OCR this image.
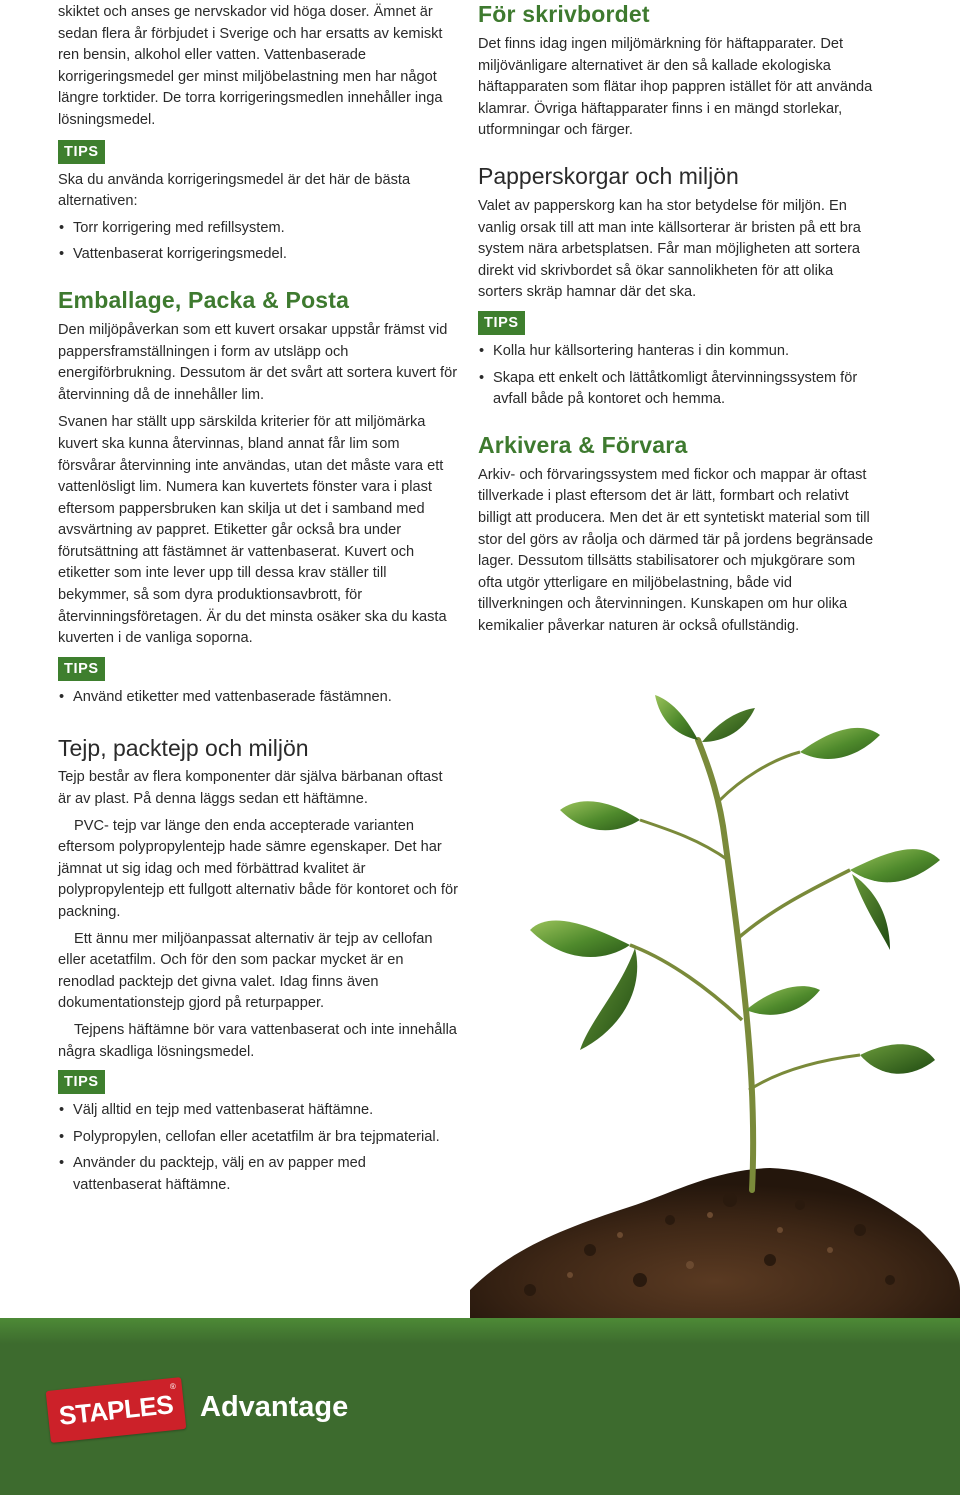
skiktet och anses ge nervskador vid höga doser. Ämnet är sedan flera år förbjudet i Sverige och har ersatts av kemiskt ren bensin, alkohol eller vatten. Vattenbaserade korrigeringsmedel ger minst miljöbelastning men har något längre torktider. De torra korrigeringsmedlen innehåller inga lösningsmedel.

TIPS

Ska du använda korrigeringsmedel är det här de bästa alternativen:

• Torr korrigering med refillsystem.
• Vattenbaserat korrigeringsmedel.
Emballage, Packa & Posta

Den miljöpåverkan som ett kuvert orsakar uppstår främst vid pappersframställningen i form av utsläpp och energiförbrukning. Dessutom är det svårt att sortera kuvert för återvinning då de innehåller lim.

Svanen har ställt upp särskilda kriterier för att miljömärka kuvert ska kunna återvinnas, bland annat får lim som försvårar återvinning inte användas, utan det måste vara ett vattenlösligt lim. Numera kan kuvertets fönster vara i plast eftersom pappersbruken kan skilja ut det i samband med avsvärtning av pappret. Etiketter går också bra under förutsättning att fästämnet är vattenbaserat. Kuvert och etiketter som inte lever upp till dessa krav ställer till bekymmer, så som dyra produktionsavbrott, för återvinningsföretagen. Är du det minsta osäker ska du kasta kuverten i de vanliga soporna.

TIPS
• Använd etiketter med vattenbaserade fästämnen.
Tejp, packtejp och miljön

Tejp består av flera komponenter där själva bärbanan oftast är av plast. På denna läggs sedan ett häftämne.

PVC- tejp var länge den enda accepterade varianten eftersom polypropylentejp hade sämre egenskaper. Det har jämnat ut sig idag och med förbättrad kvalitet är polypropylentejp ett fullgott alternativ både för kontoret och för packning.

Ett ännu mer miljöanpassat alternativ är tejp av cellofan eller acetatfilm. Och för den som packar mycket är en renodlad packtejp det givna valet. Idag finns även dokumentationstejp gjord på returpapper.

Tejpens häftämne bör vara vattenbaserat och inte innehålla några skadliga lösningsmedel.

TIPS
• Välj alltid en tejp med vattenbaserat häftämne.
• Polypropylen, cellofan eller acetatfilm är bra tejpmaterial.
• Använder du packtejp, välj en av papper med vattenbaserat häftämne.
För skrivbordet

Det finns idag ingen miljömärkning för häftapparater. Det miljövänligare alternativet är den så kallade ekologiska häftapparaten som flätar ihop pappren istället för att använda klamrar. Övriga häftapparater finns i en mängd storlekar, utformningar och färger.

Papperskorgar och miljön

Valet av papperskorg kan ha stor betydelse för miljön. En vanlig orsak till att man inte källsorterar är bristen på ett bra system nära arbetsplatsen. Får man möjligheten att sortera direkt vid skrivbordet så ökar sannolikheten för att olika sorters skräp hamnar där det ska.

TIPS
• Kolla hur källsortering hanteras i din kommun.
• Skapa ett enkelt och lättåtkomligt återvinningssystem för avfall både på kontoret och hemma.
Arkivera & Förvara

Arkiv- och förvaringssystem med fickor och mappar är oftast tillverkade i plast eftersom det är lätt, formbart och relativt billigt att producera. Men det är ett syntetiskt material som till stor del görs av råolja och därmed tär på jordens begränsade lager. Dessutom tillsätts stabilisatorer och mjukgörare som ofta utgör ytterligare en miljöbelastning, både vid tillverkningen och återvinningen. Kunskapen om hur olika kemikalier påverkar naturen är också ofullständig.

STAPLES
®
Advantage
